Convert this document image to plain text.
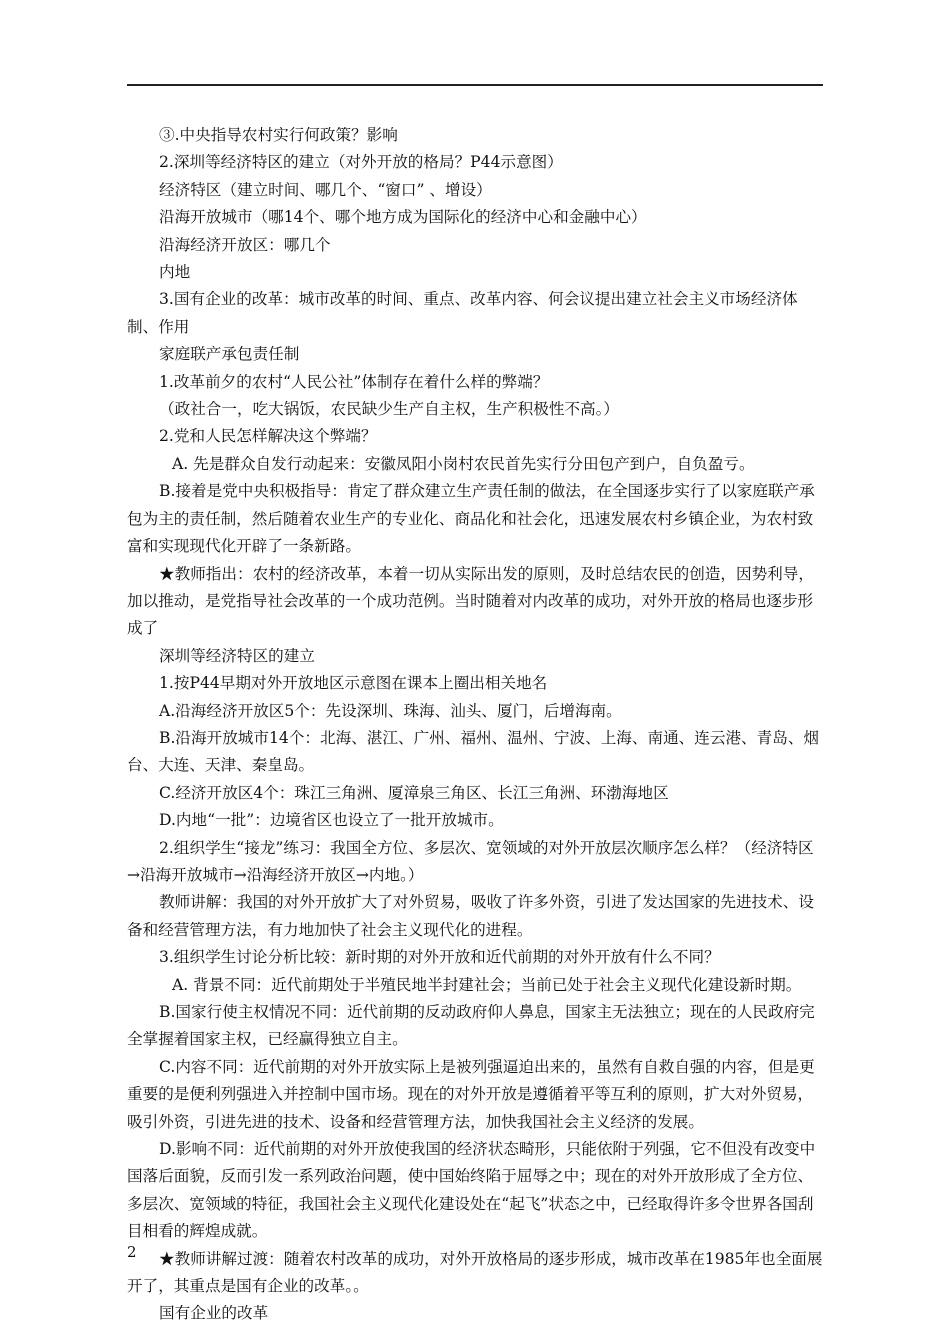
③.中央指导农村实行何政策？影响

2.深圳等经济特区的建立（对外开放的格局？P44示意图）

经济特区（建立时间、哪几个、“窗口” 、增设）

沿海开放城市（哪14个、哪个地方成为国际化的经济中心和金融中心）

沿海经济开放区：哪几个

内地

3.国有企业的改革：城市改革的时间、重点、改革内容、何会议提出建立社会主义市场经济体制、作用

家庭联产承包责任制

1.改革前夕的农村“人民公社”体制存在着什么样的弊端？

（政社合一，吃大锅饭，农民缺少生产自主权，生产积极性不高。）

2.党和人民怎样解决这个弊端？

A. 先是群众自发行动起来：安徽凤阳小岗村农民首先实行分田包产到户，自负盈亏。

B.接着是党中央积极指导：肯定了群众建立生产责任制的做法，在全国逐步实行了以家庭联产承包为主的责任制，然后随着农业生产的专业化、商品化和社会化，迅速发展农村乡镇企业，为农村致富和实现现代化开辟了一条新路。

★教师指出：农村的经济改革，本着一切从实际出发的原则，及时总结农民的创造，因势利导，加以推动，是党指导社会改革的一个成功范例。当时随着对内改革的成功，对外开放的格局也逐步形成了

深圳等经济特区的建立

1.按P44早期对外开放地区示意图在课本上圈出相关地名

A.沿海经济开放区5个：先设深圳、珠海、汕头、厦门，后增海南。

B.沿海开放城市14个：北海、湛江、广州、福州、温州、宁波、上海、南通、连云港、青岛、烟台、大连、天津、秦皇岛。

C.经济开放区4个：珠江三角洲、厦漳泉三角区、长江三角洲、环渤海地区

D.内地“一批”：边境省区也设立了一批开放城市。

2.组织学生“接龙”练习：我国全方位、多层次、宽领域的对外开放层次顺序怎么样？（经济特区→沿海开放城市→沿海经济开放区→内地。）

教师讲解：我国的对外开放扩大了对外贸易，吸收了许多外资，引进了发达国家的先进技术、设备和经营管理方法，有力地加快了社会主义现代化的进程。

3.组织学生讨论分析比较：新时期的对外开放和近代前期的对外开放有什么不同？

A. 背景不同：近代前期处于半殖民地半封建社会；当前已处于社会主义现代化建设新时期。

B.国家行使主权情况不同：近代前期的反动政府仰人鼻息，国家主无法独立；现在的人民政府完全掌握着国家主权，已经赢得独立自主。

C.内容不同：近代前期的对外开放实际上是被列强逼迫出来的，虽然有自救自强的内容，但是更重要的是便利列强进入并控制中国市场。现在的对外开放是遵循着平等互利的原则，扩大对外贸易，吸引外资，引进先进的技术、设备和经营管理方法，加快我国社会主义经济的发展。

D.影响不同：近代前期的对外开放使我国的经济状态畸形，只能依附于列强，它不但没有改变中国落后面貌，反而引发一系列政治问题，使中国始终陷于屈辱之中；现在的对外开放形成了全方位、多层次、宽领域的特征，我国社会主义现代化建设处在“起飞”状态之中，已经取得许多令世界各国刮目相看的辉煌成就。

★教师讲解过渡：随着农村改革的成功，对外开放格局的逐步形成，城市改革在1985年也全面展开了，其重点是国有企业的改革。。

国有企业的改革

2
